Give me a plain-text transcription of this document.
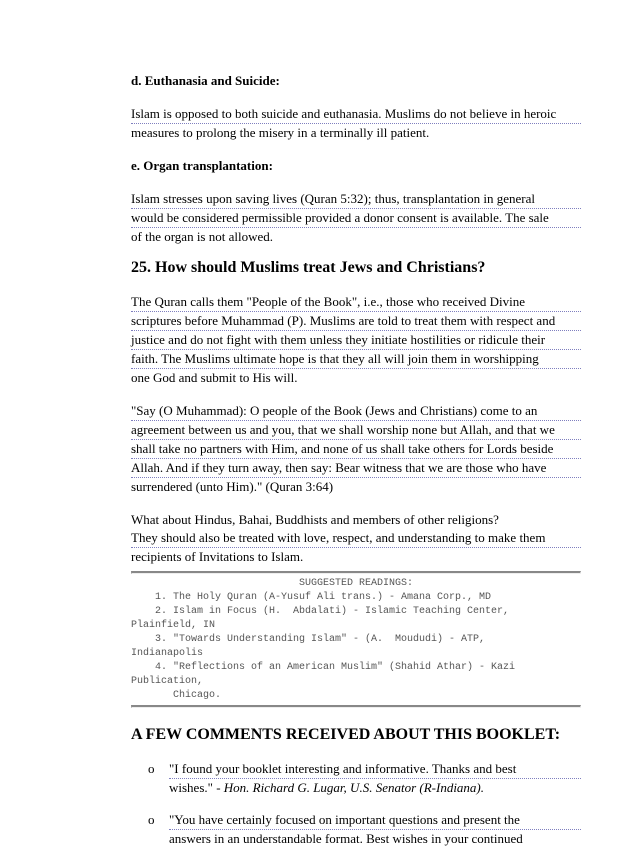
d. Euthanasia and Suicide:

Islam is opposed to both suicide and euthanasia. Muslims do not believe in heroic

measures to prolong the misery in a terminally ill patient.

e. Organ transplantation:

Islam stresses upon saving lives (Quran 5:32); thus, transplantation in general

would be considered permissible provided a donor consent is available. The sale

of the organ is not allowed.

25. How should Muslims treat Jews and Christians?

The Quran calls them "People of the Book", i.e., those who received Divine

scriptures before Muhammad (P). Muslims are told to treat them with respect and

justice and do not fight with them unless they initiate hostilities or ridicule their

faith. The Muslims ultimate hope is that they all will join them in worshipping

one God and submit to His will.

"Say (O Muhammad): O people of the Book (Jews and Christians) come to an

agreement between us and you, that we shall worship none but Allah, and that we

shall take no partners with Him, and none of us shall take others for Lords beside

Allah. And if they turn away, then say: Bear witness that we are those who have

surrendered (unto Him)." (Quran 3:64)

What about Hindus, Bahai, Buddhists and members of other religions?

They should also be treated with love, respect, and understanding to make them

recipients of Invitations to Islam.

SUGGESTED READINGS:
1. The Holy Quran (A-Yusuf Ali trans.) - Amana Corp., MD
2. Islam in Focus (H.  Abdalati) - Islamic Teaching Center,
Plainfield, IN
3. "Towards Understanding Islam" - (A.  Moududi) - ATP,
Indianapolis
4. "Reflections of an American Muslim" (Shahid Athar) - Kazi
Publication,
Chicago.

A FEW COMMENTS RECEIVED ABOUT THIS BOOKLET:

o "I found your booklet interesting and informative. Thanks and best

wishes." - Hon. Richard G. Lugar, U.S. Senator (R-Indiana).

o "You have certainly focused on important questions and present the

answers in an understandable format. Best wishes in your continued
